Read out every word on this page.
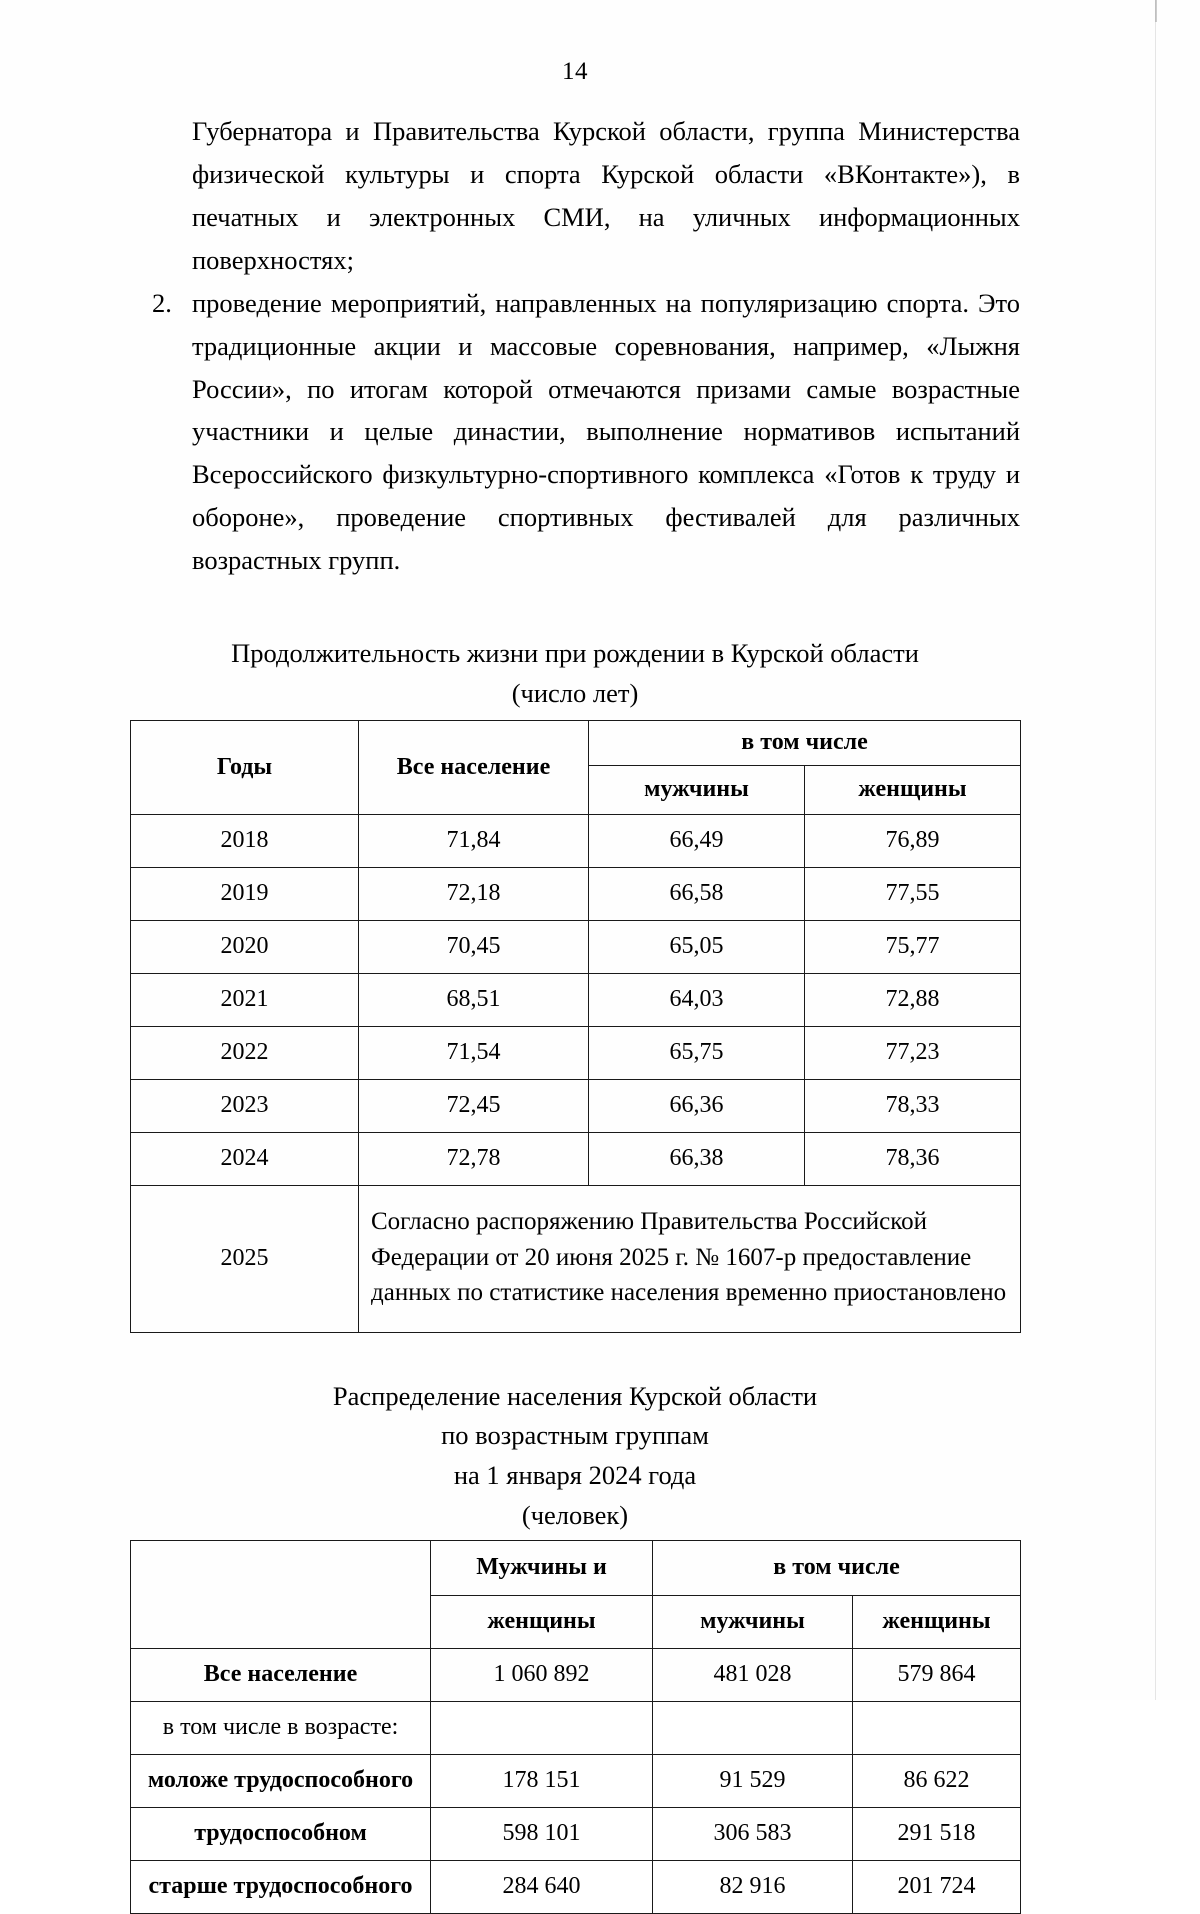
14

Губернатора и Правительства Курской области, группа Министерства физической культуры и спорта Курской области «ВКонтакте»), в печатных и электронных СМИ, на уличных информационных поверхностях;

2. проведение мероприятий, направленных на популяризацию спорта. Это традиционные акции и массовые соревнования, например, «Лыжня России», по итогам которой отмечаются призами самые возрастные участники и целые династии, выполнение нормативов испытаний Всероссийского физкультурно-спортивного комплекса «Готов к труду и обороне», проведение спортивных фестивалей для различных возрастных групп.
Продолжительность жизни при рождении в Курской области
(число лет)
Годы	Все население	в том числе	
		мужчины	женщины
2018	71,84	66,49	76,89
2019	72,18	66,58	77,55
2020	70,45	65,05	75,77
2021	68,51	64,03	72,88
2022	71,54	65,75	77,23
2023	72,45	66,36	78,33
2024	72,78	66,38	78,36
2025	Согласно распоряжению Правительства Российской Федерации от 20 июня 2025 г. № 1607-р предоставление данных по статистике населения временно приостановлено		
Распределение населения Курской области
по возрастным группам
на 1 января 2024 года
(человек)
	Мужчины и	в том числе	
	женщины	мужчины	женщины
Все население	1 060 892	481 028	579 864
в том числе в возрасте:			
моложе трудоспособного	178 151	91 529	86 622
трудоспособном	598 101	306 583	291 518
старше трудоспособного	284 640	82 916	201 724
